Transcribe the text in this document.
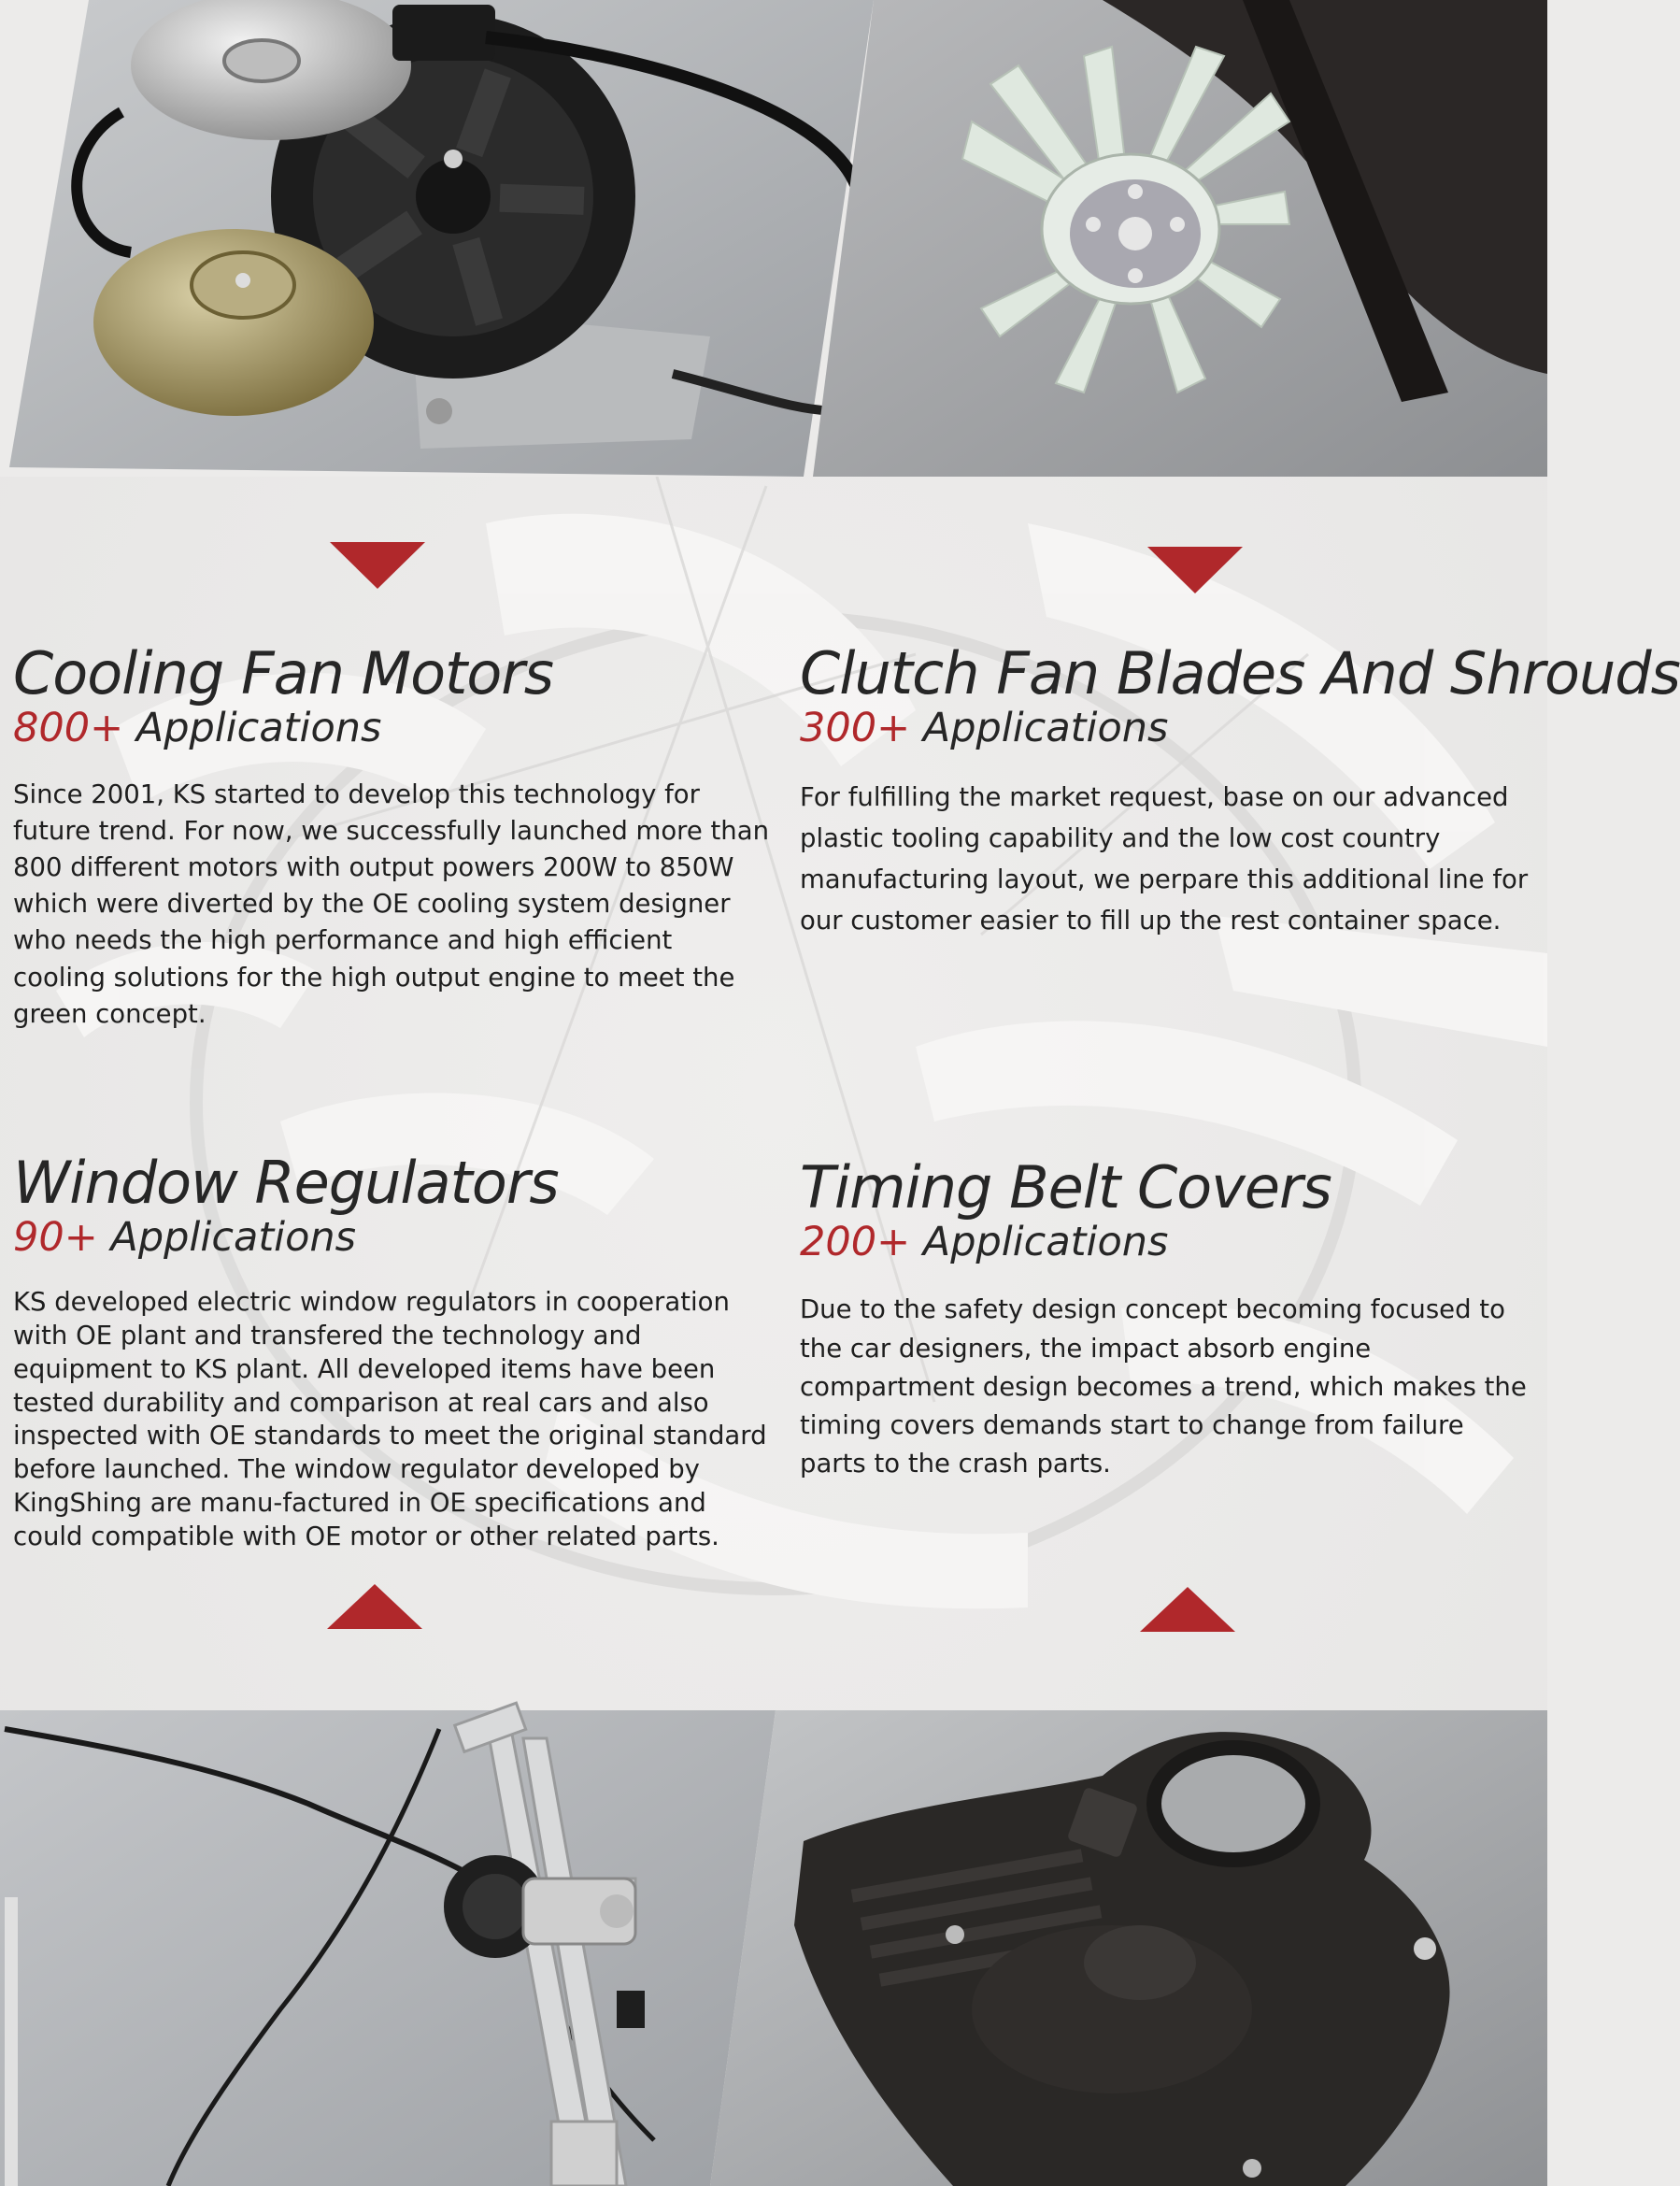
Cooling Fan Motors

800+ Applications

Since 2001, KS started to develop this technology for future trend. For now, we successfully launched more than 800 different motors with output powers 200W to 850W which were diverted by the OE cooling system designer who needs the high performance and high efficient cooling solutions for the high output engine to meet the green concept.

Clutch Fan Blades And Shrouds

300+ Applications

For fulfilling the market request, base on our advanced plastic tooling capability and the low cost country manufacturing layout, we perpare this additional line for our customer easier to fill up the rest container space.

Window Regulators

90+ Applications

KS developed electric window regulators in cooperation with OE plant and transfered the technology and equipment to KS plant. All developed items have been tested durability and comparison at real cars and also inspected with OE standards to meet the original standard before launched. The window regulator developed by KingShing are manu-factured in OE specifications and could compatible with OE motor or other related parts.

Timing Belt Covers

200+ Applications

Due to the safety design concept becoming focused to the car designers, the impact absorb engine compartment design becomes a trend, which makes the timing covers demands start to change from failure parts to the crash parts.
